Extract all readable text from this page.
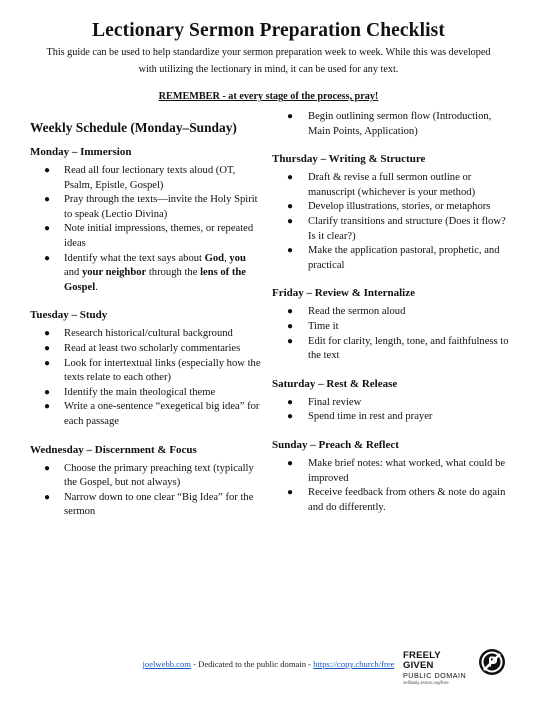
Lectionary Sermon Preparation Checklist
This guide can be used to help standardize your sermon preparation week to week. While this was developed
with utilizing the lectionary in mind, it can be used for any text.
REMEMBER - at every stage of the process, pray!
Weekly Schedule (Monday–Sunday)
Monday – Immersion
● Read all four lectionary texts aloud (OT, Psalm, Epistle, Gospel)
● Pray through the texts—invite the Holy Spirit to speak (Lectio Divina)
● Note initial impressions, themes, or repeated ideas
● Identify what the text says about God, you and your neighbor through the lens of the Gospel.
Tuesday – Study
● Research historical/cultural background
● Read at least two scholarly commentaries
● Look for intertextual links (especially how the texts relate to each other)
● Identify the main theological theme
● Write a one-sentence “exegetical big idea” for each passage
Wednesday – Discernment & Focus
● Choose the primary preaching text (typically the Gospel, but not always)
● Narrow down to one clear “Big Idea” for the sermon
● Begin outlining sermon flow (Introduction, Main Points, Application)
Thursday – Writing & Structure
● Draft & revise a full sermon outline or manuscript (whichever is your method)
● Develop illustrations, stories, or metaphors
● Clarify transitions and structure (Does it flow? Is it clear?)
● Make the application pastoral, prophetic, and practical
Friday – Review & Internalize
● Read the sermon aloud
● Time it
● Edit for clarity, length, tone, and faithfulness to the text
Saturday – Rest & Release
● Final review
● Spend time in rest and prayer
Sunday – Preach & Reflect
● Make brief notes: what worked, what could be improved
● Receive feedback from others & note do again and do differently.
joelwebb.com - Dedicated to the public domain - https://copy.church/free
FREELY GIVEN
PUBLIC DOMAIN
selfdaily.Jesus.org/free
